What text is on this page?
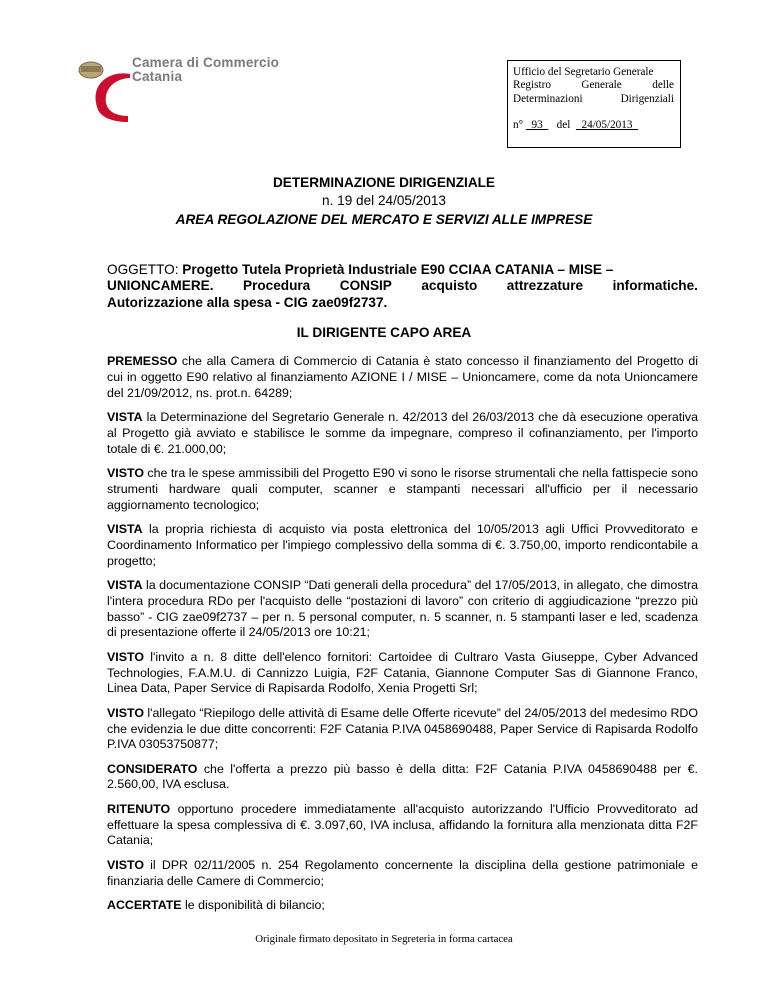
Camera di Commercio
Catania	Ufficio del Segretario Generale
Registro	Generale	delle
Determinazioni	Dirigenziali
n° 93 del 24/05/2013
DETERMINAZIONE DIRIGENZIALE
n. 19 del 24/05/2013
AREA REGOLAZIONE DEL MERCATO E SERVIZI ALLE IMPRESE
OGGETTO: Progetto Tutela Proprietà Industriale E90 CCIAA CATANIA – MISE –
UNIONCAMERE. Procedura CONSIP acquisto attrezzature informatiche.
Autorizzazione alla spesa - CIG zae09f2737.
IL DIRIGENTE CAPO AREA

PREMESSO che alla Camera di Commercio di Catania è stato concesso il finanziamento del Progetto di cui in oggetto E90 relativo al finanziamento AZIONE I / MISE – Unioncamere, come da nota Unioncamere del 21/09/2012, ns. prot.n. 64289;

VISTA la Determinazione del Segretario Generale n. 42/2013 del 26/03/2013 che dà esecuzione operativa al Progetto già avviato e stabilisce le somme da impegnare, compreso il cofinanziamento, per l'importo totale di €. 21.000,00;

VISTO che tra le spese ammissibili del Progetto E90 vi sono le risorse strumentali che nella fattispecie sono strumenti hardware quali computer, scanner e stampanti necessari all'ufficio per il necessario aggiornamento tecnologico;

VISTA la propria richiesta di acquisto via posta elettronica del 10/05/2013 agli Uffici Provveditorato e Coordinamento Informatico per l'impiego complessivo della somma di €. 3.750,00, importo rendicontabile a progetto;

VISTA la documentazione CONSIP “Dati generali della procedura” del 17/05/2013, in allegato, che dimostra l'intera procedura RDo per l'acquisto delle “postazioni di lavoro” con criterio di aggiudicazione “prezzo più basso” - CIG zae09f2737 – per n. 5 personal computer, n. 5 scanner, n. 5 stampanti laser e led, scadenza di presentazione offerte il 24/05/2013 ore 10:21;

VISTO l'invito a n. 8 ditte dell'elenco fornitori: Cartoidee di Cultraro Vasta Giuseppe, Cyber Advanced Technologies, F.A.M.U. di Cannizzo Luigia, F2F Catania, Giannone Computer Sas di Giannone Franco, Linea Data, Paper Service di Rapisarda Rodolfo, Xenia Progetti Srl;

VISTO l'allegato “Riepilogo delle attività di Esame delle Offerte ricevute” del 24/05/2013 del medesimo RDO che evidenzia le due ditte concorrenti: F2F Catania P.IVA 0458690488, Paper Service di Rapisarda Rodolfo P.IVA 03053750877;

CONSIDERATO che l'offerta a prezzo più basso è della ditta: F2F Catania P.IVA 0458690488 per €. 2.560,00, IVA esclusa.

RITENUTO opportuno procedere immediatamente all'acquisto autorizzando l'Ufficio Provveditorato ad effettuare la spesa complessiva di €. 3.097,60, IVA inclusa, affidando la fornitura alla menzionata ditta F2F Catania;

VISTO il DPR 02/11/2005 n. 254 Regolamento concernente la disciplina della gestione patrimoniale e finanziaria delle Camere di Commercio;

ACCERTATE le disponibilità di bilancio;

Originale firmato depositato in Segreteria in forma cartacea
